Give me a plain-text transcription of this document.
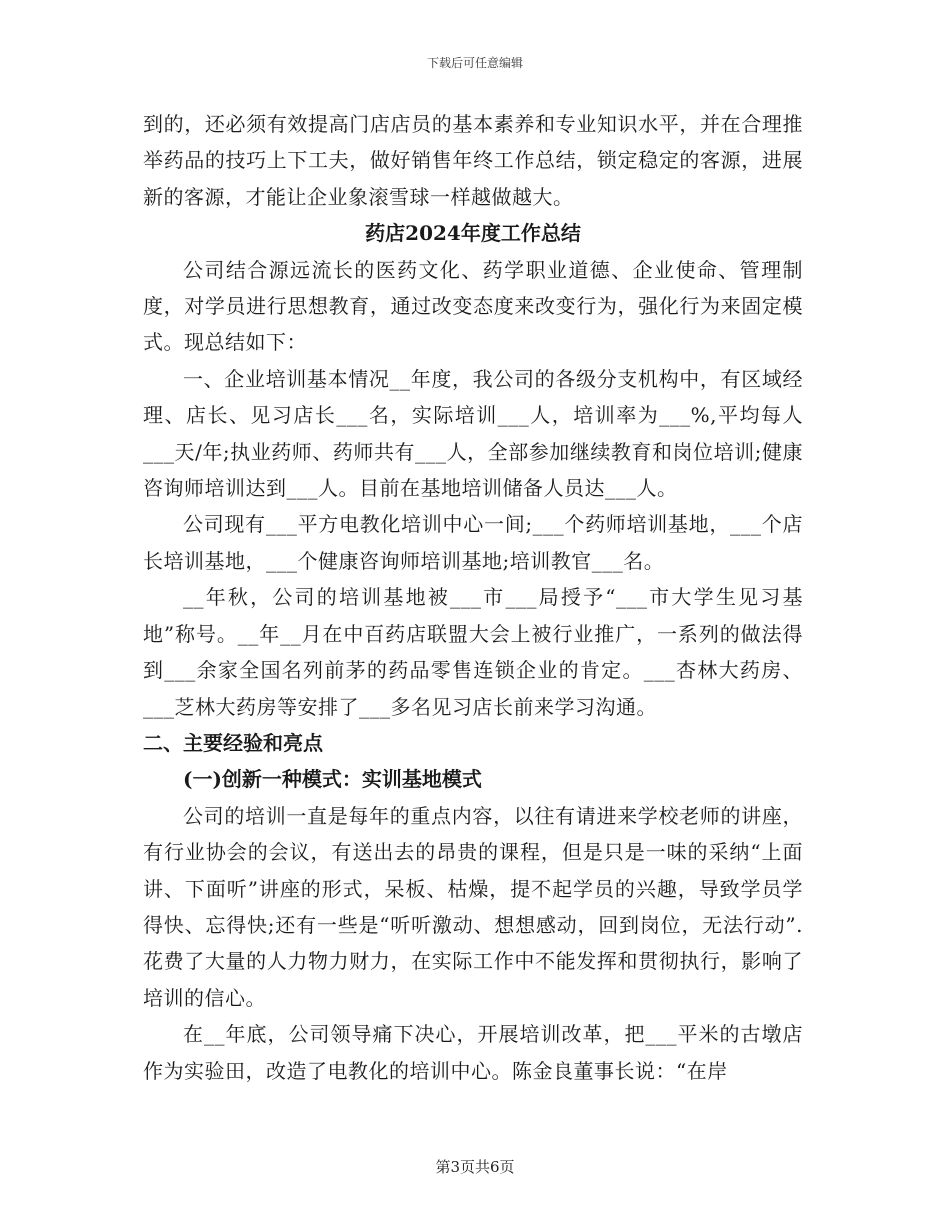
下载后可任意编辑

到的，还必须有效提高门店店员的基本素养和专业知识水平，并在合理推举药品的技巧上下工夫，做好销售年终工作总结，锁定稳定的客源，进展新的客源，才能让企业象滚雪球一样越做越大。

药店2024年度工作总结

公司结合源远流长的医药文化、药学职业道德、企业使命、管理制度，对学员进行思想教育，通过改变态度来改变行为，强化行为来固定模式。现总结如下：

一、企业培训基本情况__年度，我公司的各级分支机构中，有区域经理、店长、见习店长___名，实际培训___人，培训率为___%,平均每人___天/年;执业药师、药师共有___人，全部参加继续教育和岗位培训;健康咨询师培训达到___人。目前在基地培训储备人员达___人。

公司现有___平方电教化培训中心一间;___个药师培训基地，___个店长培训基地，___个健康咨询师培训基地;培训教官___名。

__年秋，公司的培训基地被___市___局授予“___市大学生见习基地”称号。__年__月在中百药店联盟大会上被行业推广，一系列的做法得到___余家全国名列前茅的药品零售连锁企业的肯定。___杏林大药房、___芝林大药房等安排了___多名见习店长前来学习沟通。

二、主要经验和亮点

(一)创新一种模式：实训基地模式

公司的培训一直是每年的重点内容，以往有请进来学校老师的讲座，有行业协会的会议，有送出去的昂贵的课程，但是只是一味的采纳“上面讲、下面听”讲座的形式，呆板、枯燥，提不起学员的兴趣，导致学员学得快、忘得快;还有一些是“听听激动、想想感动，回到岗位，无法行动”.花费了大量的人力物力财力，在实际工作中不能发挥和贯彻执行，影响了培训的信心。

在__年底，公司领导痛下决心，开展培训改革，把___平米的古墩店作为实验田，改造了电教化的培训中心。陈金良董事长说：“在岸

第3页共6页
